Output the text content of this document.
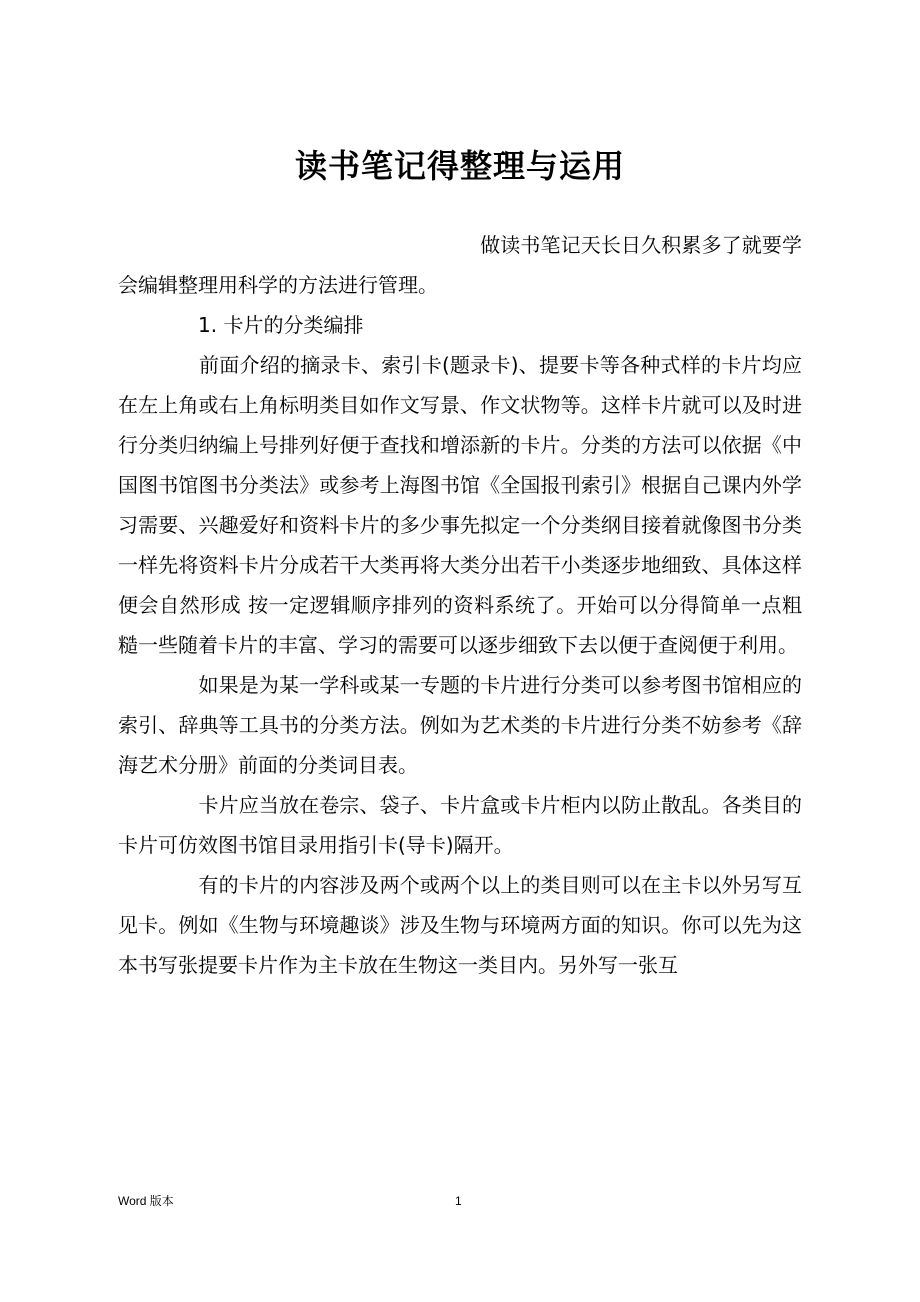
读书笔记得整理与运用

　　　　　　　　　　　　　　　　　　做读书笔记天长日久积累多了就要学会编辑整理用科学的方法进行管理。

　　　　1. 卡片的分类编排

　　　　前面介绍的摘录卡、索引卡(题录卡)、提要卡等各种式样的卡片均应在左上角或右上角标明类目如作文写景、作文状物等。这样卡片就可以及时进行分类归纳编上号排列好便于查找和增添新的卡片。分类的方法可以依据《中国图书馆图书分类法》或参考上海图书馆《全国报刊索引》根据自己课内外学习需要、兴趣爱好和资料卡片的多少事先拟定一个分类纲目接着就像图书分类一样先将资料卡片分成若干大类再将大类分出若干小类逐步地细致、具体这样便会自然形成 按一定逻辑顺序排列的资料系统了。开始可以分得简单一点粗糙一些随着卡片的丰富、学习的需要可以逐步细致下去以便于查阅便于利用。

　　　　如果是为某一学科或某一专题的卡片进行分类可以参考图书馆相应的索引、辞典等工具书的分类方法。例如为艺术类的卡片进行分类不妨参考《辞海艺术分册》前面的分类词目表。

　　　　卡片应当放在卷宗、袋子、卡片盒或卡片柜内以防止散乱。各类目的卡片可仿效图书馆目录用指引卡(导卡)隔开。

　　　　有的卡片的内容涉及两个或两个以上的类目则可以在主卡以外另写互见卡。例如《生物与环境趣谈》涉及生物与环境两方面的知识。你可以先为这本书写张提要卡片作为主卡放在生物这一类目内。另外写一张互

Word 版本	1
